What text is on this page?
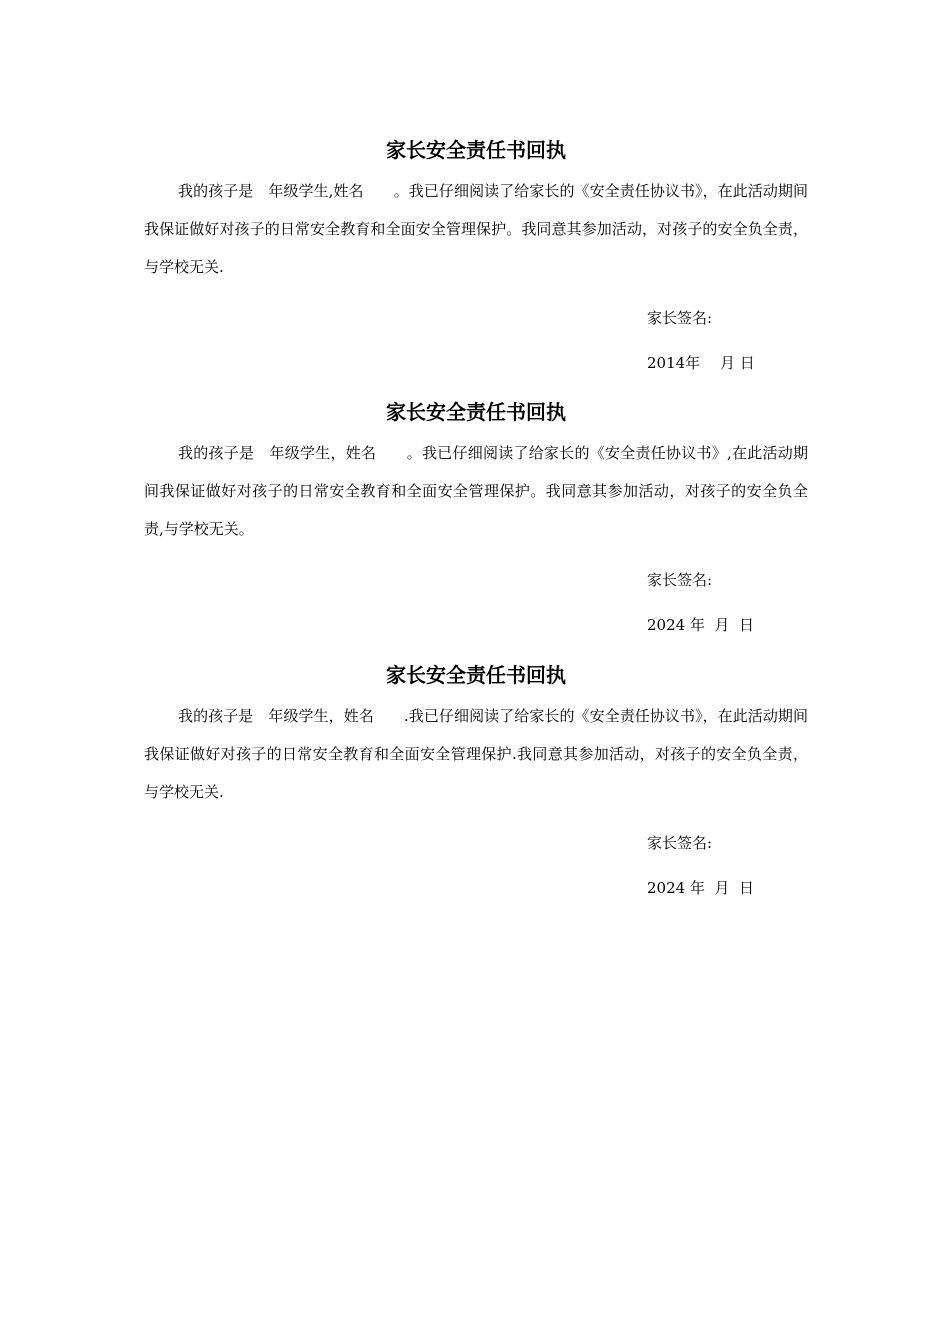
家长安全责任书回执

我的孩子是　年级学生,姓名　　。我已仔细阅读了给家长的《安全责任协议书》，在此活动期间我保证做好对孩子的日常安全教育和全面安全管理保护。我同意其参加活动，对孩子的安全负全责，与学校无关.

家长签名:
2014年　 月 日
家长安全责任书回执

我的孩子是　年级学生，姓名　　。我已仔细阅读了给家长的《安全责任协议书》,在此活动期间我保证做好对孩子的日常安全教育和全面安全管理保护。我同意其参加活动，对孩子的安全负全责,与学校无关。

家长签名:
2024 年  月  日
家长安全责任书回执

我的孩子是　年级学生，姓名　　.我已仔细阅读了给家长的《安全责任协议书》，在此活动期间我保证做好对孩子的日常安全教育和全面安全管理保护.我同意其参加活动，对孩子的安全负全责，与学校无关.

家长签名:
2024 年  月  日
